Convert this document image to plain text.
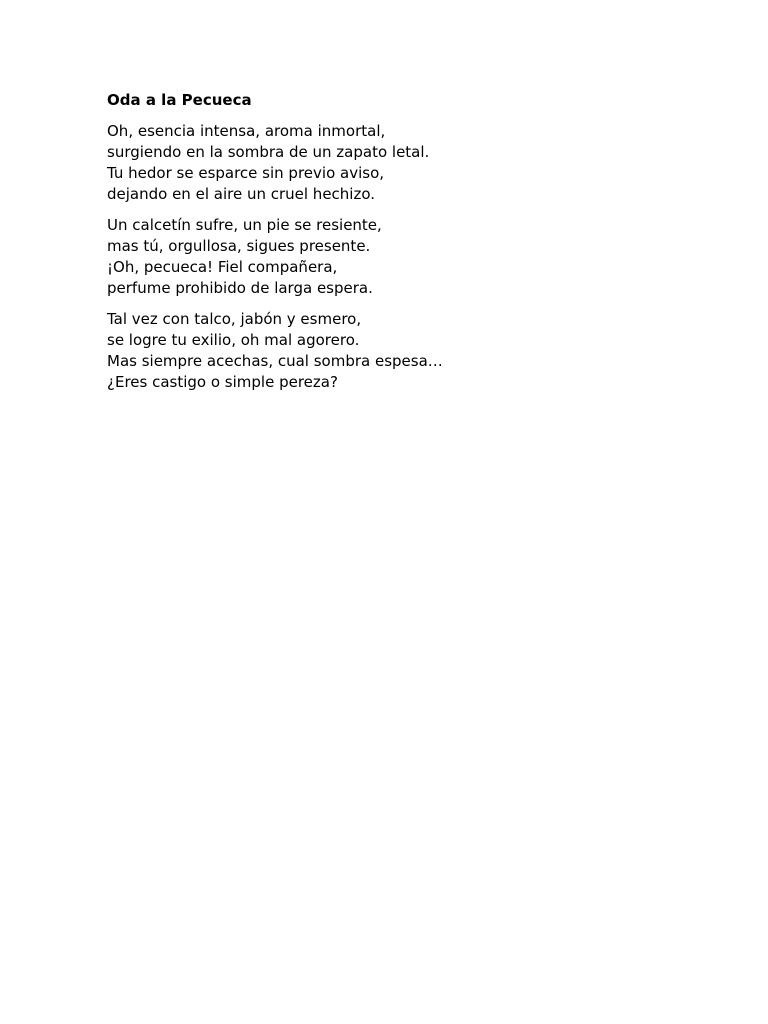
Oda a la Pecueca
Oh, esencia intensa, aroma inmortal,
surgiendo en la sombra de un zapato letal.
Tu hedor se esparce sin previo aviso,
dejando en el aire un cruel hechizo.
Un calcetín sufre, un pie se resiente,
mas tú, orgullosa, sigues presente.
¡Oh, pecueca! Fiel compañera,
perfume prohibido de larga espera.
Tal vez con talco, jabón y esmero,
se logre tu exilio, oh mal agorero.
Mas siempre acechas, cual sombra espesa…
¿Eres castigo o simple pereza?
